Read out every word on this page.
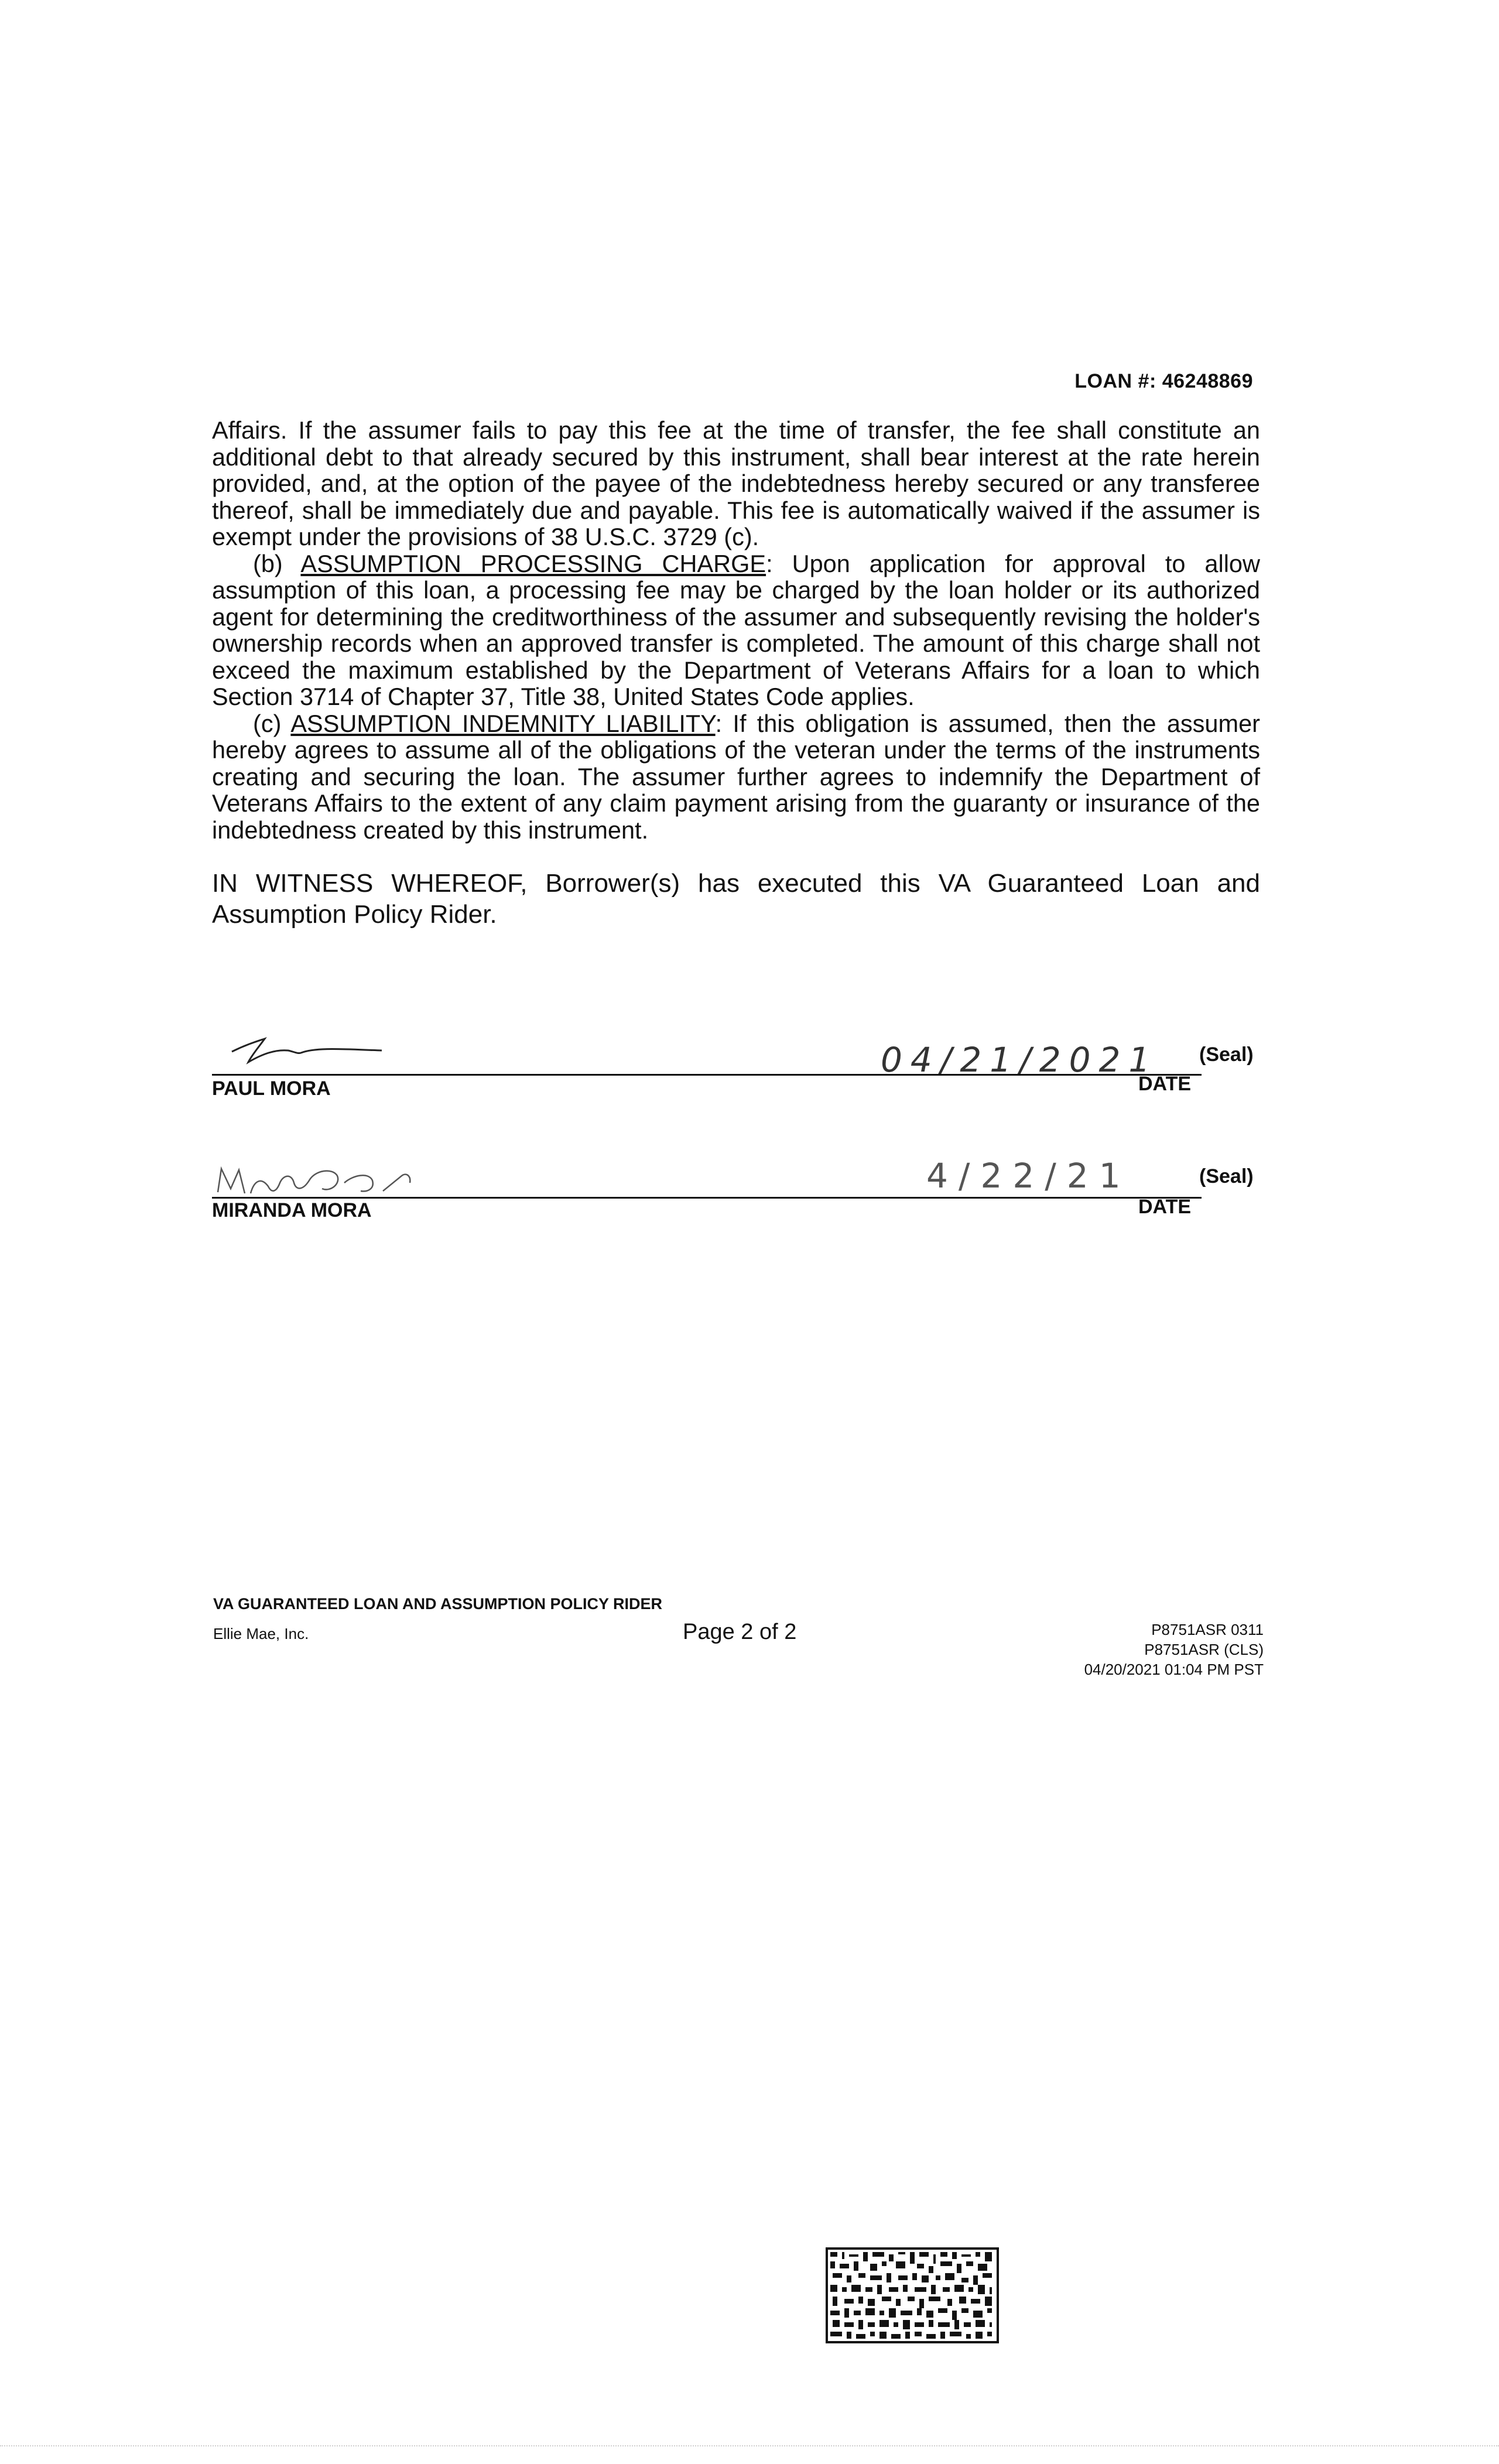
LOAN #: 46248869

Affairs. If the assumer fails to pay this fee at the time of transfer, the fee shall constitute an additional debt to that already secured by this instrument, shall bear interest at the rate herein provided, and, at the option of the payee of the indebtedness hereby secured or any transferee thereof, shall be immediately due and payable. This fee is automatically waived if the assumer is exempt under the provisions of 38 U.S.C. 3729 (c).

(b) ASSUMPTION PROCESSING CHARGE: Upon application for approval to allow assumption of this loan, a processing fee may be charged by the loan holder or its authorized agent for determining the creditworthiness of the assumer and subsequently revising the holder's ownership records when an approved transfer is completed. The amount of this charge shall not exceed the maximum established by the Department of Veterans Affairs for a loan to which Section 3714 of Chapter 37, Title 38, United States Code applies.

(c) ASSUMPTION INDEMNITY LIABILITY: If this obligation is assumed, then the assumer hereby agrees to assume all of the obligations of the veteran under the terms of the instruments creating and securing the loan. The assumer further agrees to indemnify the Department of Veterans Affairs to the extent of any claim payment arising from the guaranty or insurance of the indebtedness created by this instrument.

IN WITNESS WHEREOF, Borrower(s) has executed this VA Guaranteed Loan and Assumption Policy Rider.

04/21/2021 (Seal)
PAUL MORA	DATE
4/22/21	(Seal)
MIRANDA MORA	DATE
VA GUARANTEED LOAN AND ASSUMPTION POLICY RIDER
Ellie Mae, Inc.	Page 2 of 2	P8751ASR 0311
P8751ASR (CLS)
04/20/2021 01:04 PM PST
